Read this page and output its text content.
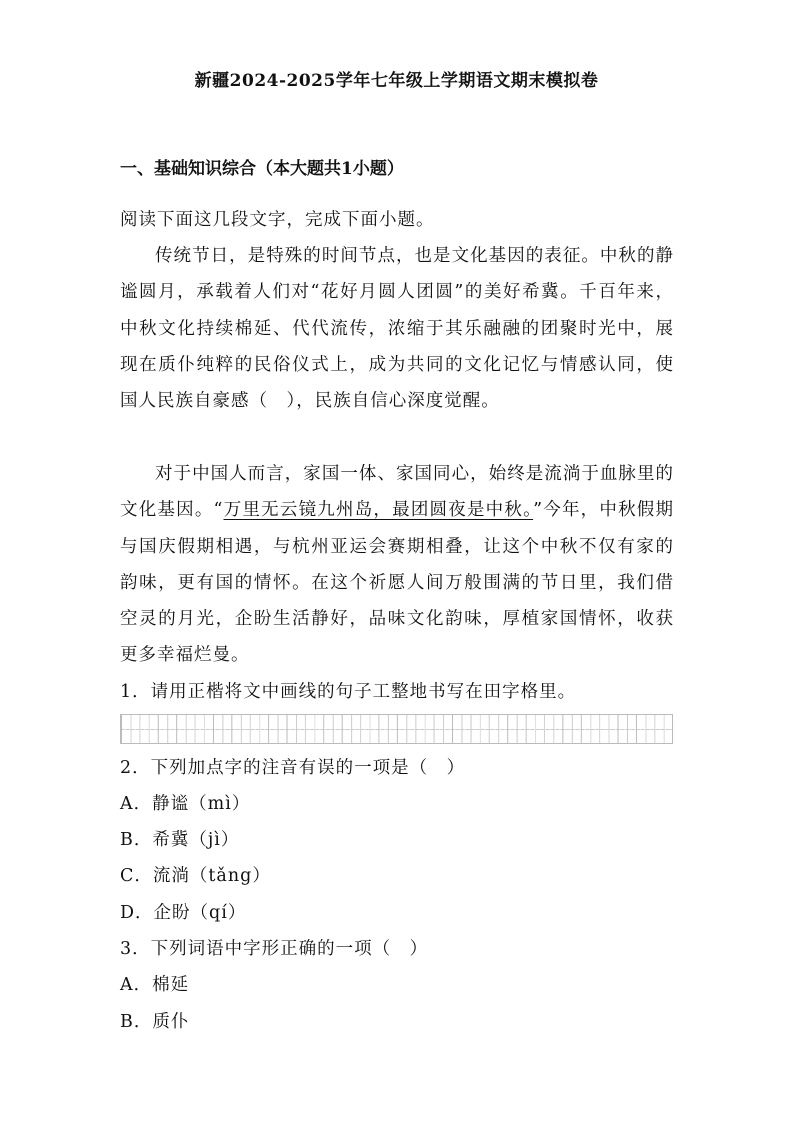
新疆2024-2025学年七年级上学期语文期末模拟卷
一、基础知识综合（本大题共1小题）
阅读下面这几段文字，完成下面小题。
传统节日，是特殊的时间节点，也是文化基因的表征。中秋的静谧圆月，承载着人们对“花好月圆人团圆”的美好希冀。千百年来，中秋文化持续棉延、代代流传，浓缩于其乐融融的团聚时光中，展现在质仆纯粹的民俗仪式上，成为共同的文化记忆与情感认同，使国人民族自豪感（　），民族自信心深度觉醒。
对于中国人而言，家国一体、家国同心，始终是流淌于血脉里的文化基因。“万里无云镜九州岛，最团圆夜是中秋。”今年，中秋假期与国庆假期相遇，与杭州亚运会赛期相叠，让这个中秋不仅有家的韵味，更有国的情怀。在这个祈愿人间万般围满的节日里，我们借空灵的月光，企盼生活静好，品味文化韵味，厚植家国情怀，收获更多幸福烂曼。
1．请用正楷将文中画线的句子工整地书写在田字格里。
2．下列加点字的注音有误的一项是（　）
A．静谧（mì）
B．希冀（jì）
C．流淌（tǎng）
D．企盼（qí）
3．下列词语中字形正确的一项（　）
A．棉延
B．质仆
